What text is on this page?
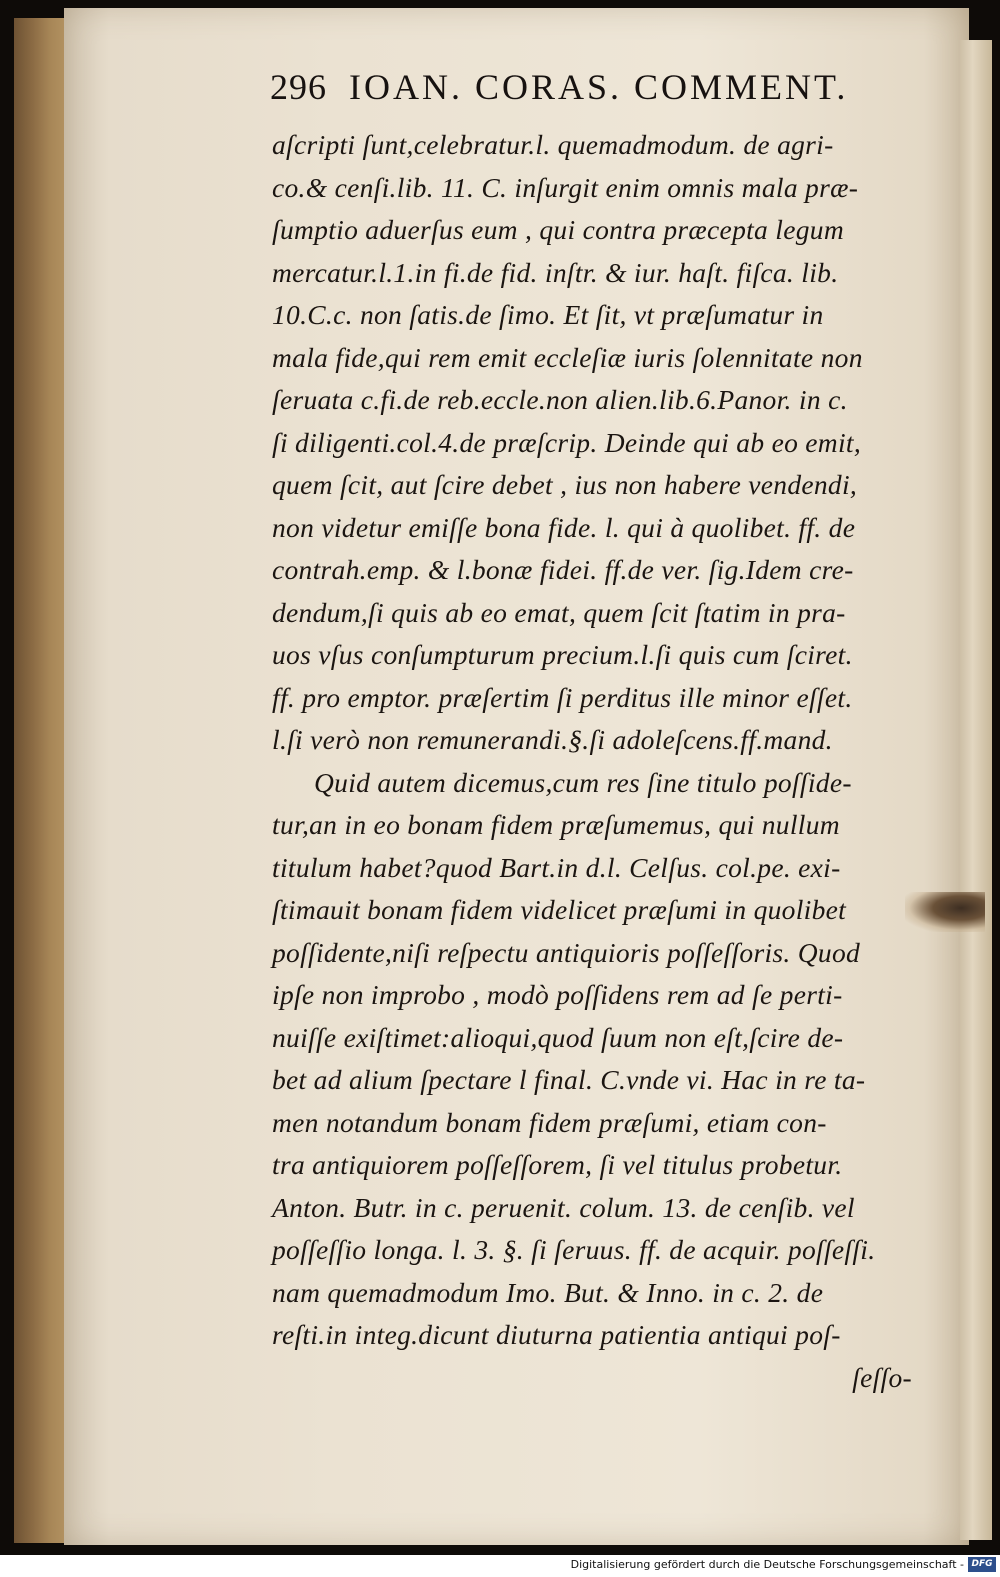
296 IOAN. CORAS. COMMENT.
aſcripti ſunt,celebratur.l. quemadmodum. de agri-
co.& cenſi.lib. 11. C. inſurgit enim omnis mala præ-
ſumptio aduerſus eum , qui contra præcepta legum
mercatur.l.1.in fi.de fid. inſtr. & iur. haſt. fiſca. lib.
10.C.c. non ſatis.de ſimo. Et ſit, vt præſumatur in
mala fide,qui rem emit eccleſiæ iuris ſolennitate non
ſeruata c.fi.de reb.eccle.non alien.lib.6.Panor. in c.
ſi diligenti.col.4.de præſcrip. Deinde qui ab eo emit,
quem ſcit, aut ſcire debet , ius non habere vendendi,
non videtur emiſſe bona fide. l. qui à quolibet. ff. de
contrah.emp. & l.bonæ fidei. ff.de ver. ſig.Idem cre-
dendum,ſi quis ab eo emat, quem ſcit ſtatim in pra-
uos vſus conſumpturum precium.l.ſi quis cum ſciret.
ff. pro emptor. præſertim ſi perditus ille minor eſſet.
l.ſi verò non remunerandi.§.ſi adoleſcens.ff.mand.
Quid autem dicemus,cum res ſine titulo poſſide-
tur,an in eo bonam fidem præſumemus, qui nullum
titulum habet?quod Bart.in d.l. Celſus. col.pe. exi-
ſtimauit bonam fidem videlicet præſumi in quolibet
poſſidente,niſi reſpectu antiquioris poſſeſſoris. Quod
ipſe non improbo , modò poſſidens rem ad ſe perti-
nuiſſe exiſtimet:alioqui,quod ſuum non eſt,ſcire de-
bet ad alium ſpectare l final. C.vnde vi. Hac in re ta-
men notandum bonam fidem præſumi, etiam con-
tra antiquiorem poſſeſſorem, ſi vel titulus probetur.
Anton. Butr. in c. peruenit. colum. 13. de cenſib. vel
poſſeſſio longa. l. 3. §. ſi ſeruus. ff. de acquir. poſſeſſi.
nam quemadmodum Imo. But. & Inno. in c. 2. de
reſti.in integ.dicunt diuturna patientia antiqui poſ-
ſeſſo-
Digitalisierung gefördert durch die Deutsche Forschungsgemeinschaft - DFG
